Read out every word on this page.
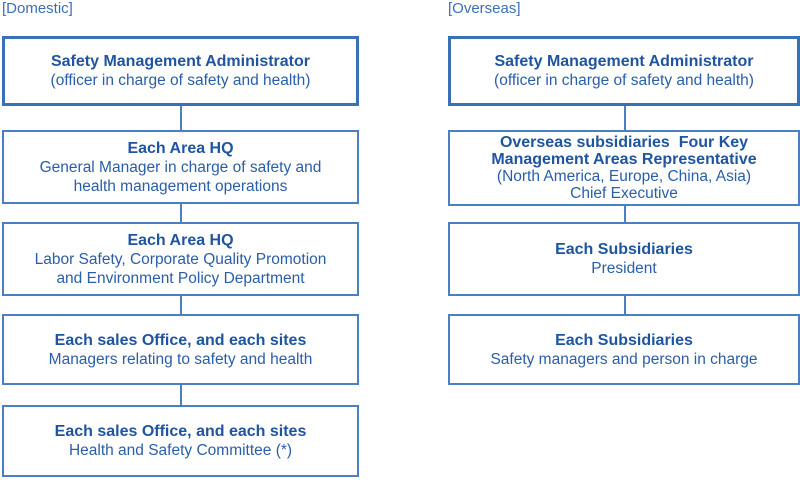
[Domestic]	[Overseas]
Safety Management Administrator
(officer in charge of safety and health)
Each Area HQ
General Manager in charge of safety and
health management operations
Each Area HQ
Labor Safety, Corporate Quality Promotion
and Environment Policy Department
Each sales Office, and each sites
Managers relating to safety and health
Each sales Office, and each sites
Health and Safety Committee (*)
Safety Management Administrator
(officer in charge of safety and health)
Overseas subsidiaries  Four Key
Management Areas Representative
(North America, Europe, China, Asia)
Chief Executive
Each Subsidiaries
President
Each Subsidiaries
Safety managers and person in charge
